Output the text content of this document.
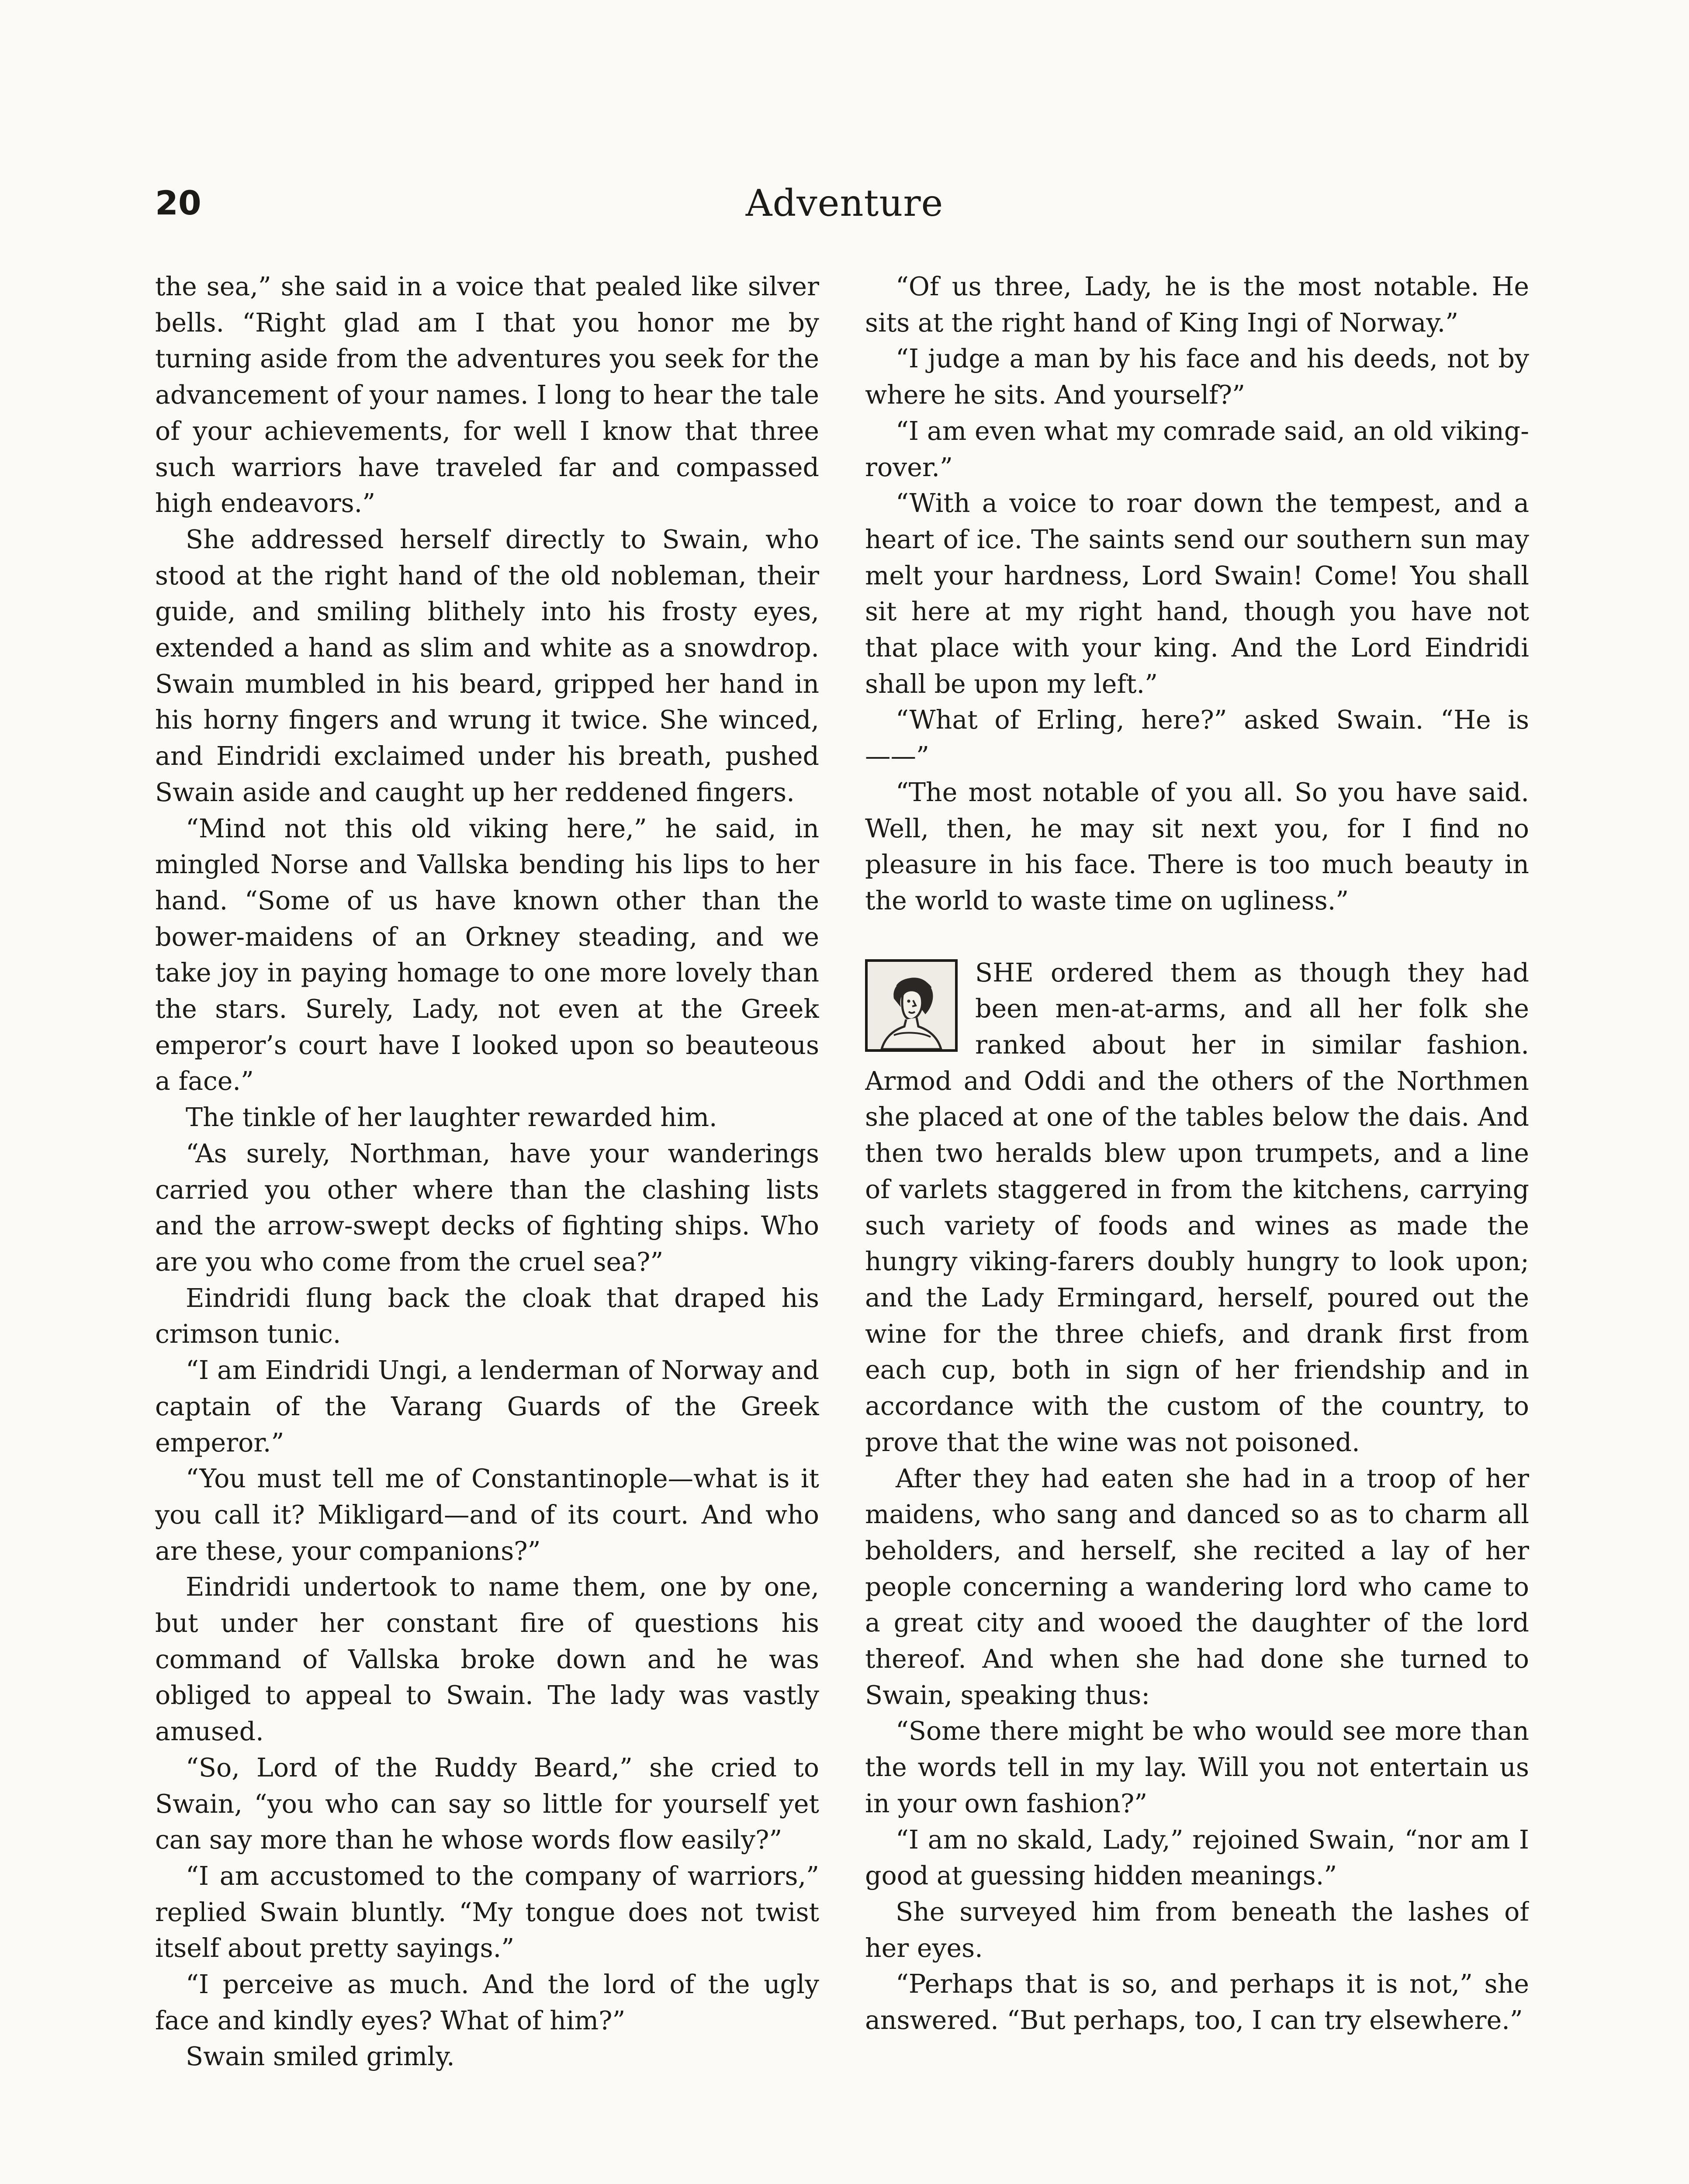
20	Adventure

the sea,” she said in a voice that pealed like silver bells. “Right glad am I that you honor me by turning aside from the adventures you seek for the advancement of your names. I long to hear the tale of your achievements, for well I know that three such warriors have traveled far and compassed high endeavors.”

She addressed herself directly to Swain, who stood at the right hand of the old nobleman, their guide, and smiling blithely into his frosty eyes, extended a hand as slim and white as a snowdrop. Swain mumbled in his beard, gripped her hand in his horny fingers and wrung it twice. She winced, and Eindridi exclaimed under his breath, pushed Swain aside and caught up her reddened fingers.

“Mind not this old viking here,” he said, in mingled Norse and Vallska bending his lips to her hand. “Some of us have known other than the bower-maidens of an Orkney steading, and we take joy in paying homage to one more lovely than the stars. Surely, Lady, not even at the Greek emperor’s court have I looked upon so beauteous a face.”

The tinkle of her laughter rewarded him.

“As surely, Northman, have your wanderings carried you other where than the clashing lists and the arrow-swept decks of fighting ships. Who are you who come from the cruel sea?”

Eindridi flung back the cloak that draped his crimson tunic.

“I am Eindridi Ungi, a lenderman of Norway and captain of the Varang Guards of the Greek emperor.”

“You must tell me of Constantinople—what is it you call it? Mikligard—and of its court. And who are these, your companions?”

Eindridi undertook to name them, one by one, but under her constant fire of questions his command of Vallska broke down and he was obliged to appeal to Swain. The lady was vastly amused.

“So, Lord of the Ruddy Beard,” she cried to Swain, “you who can say so little for yourself yet can say more than he whose words flow easily?”

“I am accustomed to the company of warriors,” replied Swain bluntly. “My tongue does not twist itself about pretty sayings.”

“I perceive as much. And the lord of the ugly face and kindly eyes? What of him?”

Swain smiled grimly.

“Of us three, Lady, he is the most notable. He sits at the right hand of King Ingi of Norway.”

“I judge a man by his face and his deeds, not by where he sits. And yourself?”

“I am even what my comrade said, an old viking-rover.”

“With a voice to roar down the tempest, and a heart of ice. The saints send our southern sun may melt your hardness, Lord Swain! Come! You shall sit here at my right hand, though you have not that place with your king. And the Lord Eindridi shall be upon my left.”

“What of Erling, here?” asked Swain. “He is——”

“The most notable of you all. So you have said. Well, then, he may sit next you, for I find no pleasure in his face. There is too much beauty in the world to waste time on ugliness.”

SHE ordered them as though they had been men-at-arms, and all her folk she ranked about her in similar fashion. Armod and Oddi and the others of the Northmen she placed at one of the tables below the dais. And then two heralds blew upon trumpets, and a line of varlets staggered in from the kitchens, carrying such variety of foods and wines as made the hungry viking-farers doubly hungry to look upon; and the Lady Ermingard, herself, poured out the wine for the three chiefs, and drank first from each cup, both in sign of her friendship and in accordance with the custom of the country, to prove that the wine was not poisoned.

After they had eaten she had in a troop of her maidens, who sang and danced so as to charm all beholders, and herself, she recited a lay of her people concerning a wandering lord who came to a great city and wooed the daughter of the lord thereof. And when she had done she turned to Swain, speaking thus:

“Some there might be who would see more than the words tell in my lay. Will you not entertain us in your own fashion?”

“I am no skald, Lady,” rejoined Swain, “nor am I good at guessing hidden meanings.”

She surveyed him from beneath the lashes of her eyes.

“Perhaps that is so, and perhaps it is not,” she answered. “But perhaps, too, I can try elsewhere.”
